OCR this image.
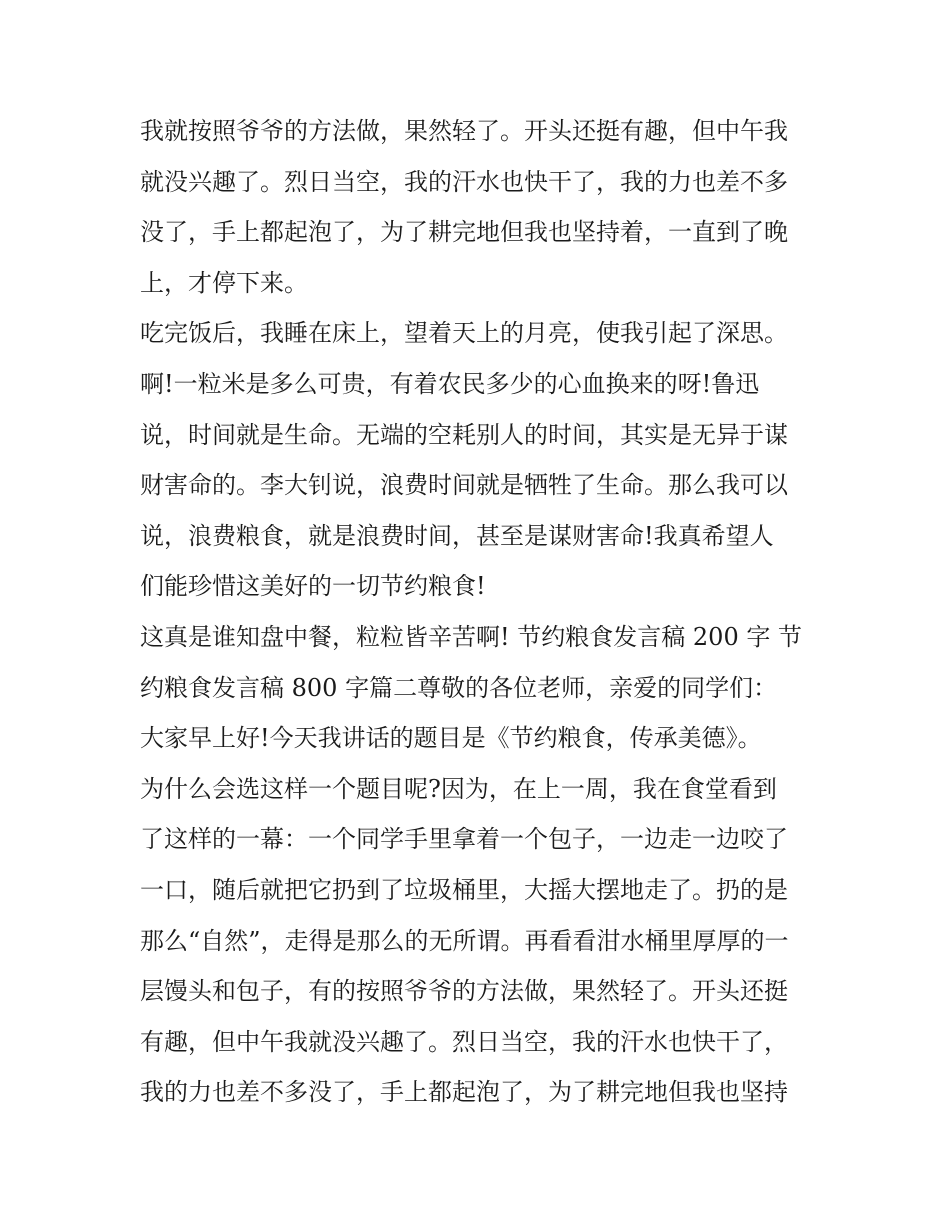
我就按照爷爷的方法做，果然轻了。开头还挺有趣，但中午我
就没兴趣了。烈日当空，我的汗水也快干了，我的力也差不多
没了，手上都起泡了，为了耕完地但我也坚持着，一直到了晚
上，才停下来。
吃完饭后，我睡在床上，望着天上的月亮，使我引起了深思。
啊!一粒米是多么可贵，有着农民多少的心血换来的呀!鲁迅
说，时间就是生命。无端的空耗别人的时间，其实是无异于谋
财害命的。李大钊说，浪费时间就是牺牲了生命。那么我可以
说，浪费粮食，就是浪费时间，甚至是谋财害命!我真希望人
们能珍惜这美好的一切节约粮食!
这真是谁知盘中餐，粒粒皆辛苦啊! 节约粮食发言稿 200 字 节
约粮食发言稿 800 字篇二尊敬的各位老师，亲爱的同学们：
大家早上好!今天我讲话的题目是《节约粮食，传承美德》。
为什么会选这样一个题目呢?因为，在上一周，我在食堂看到
了这样的一幕：一个同学手里拿着一个包子，一边走一边咬了
一口，随后就把它扔到了垃圾桶里，大摇大摆地走了。扔的是
那么“自然”，走得是那么的无所谓。再看看泔水桶里厚厚的一
层馒头和包子，有的按照爷爷的方法做，果然轻了。开头还挺
有趣，但中午我就没兴趣了。烈日当空，我的汗水也快干了，
我的力也差不多没了，手上都起泡了，为了耕完地但我也坚持
